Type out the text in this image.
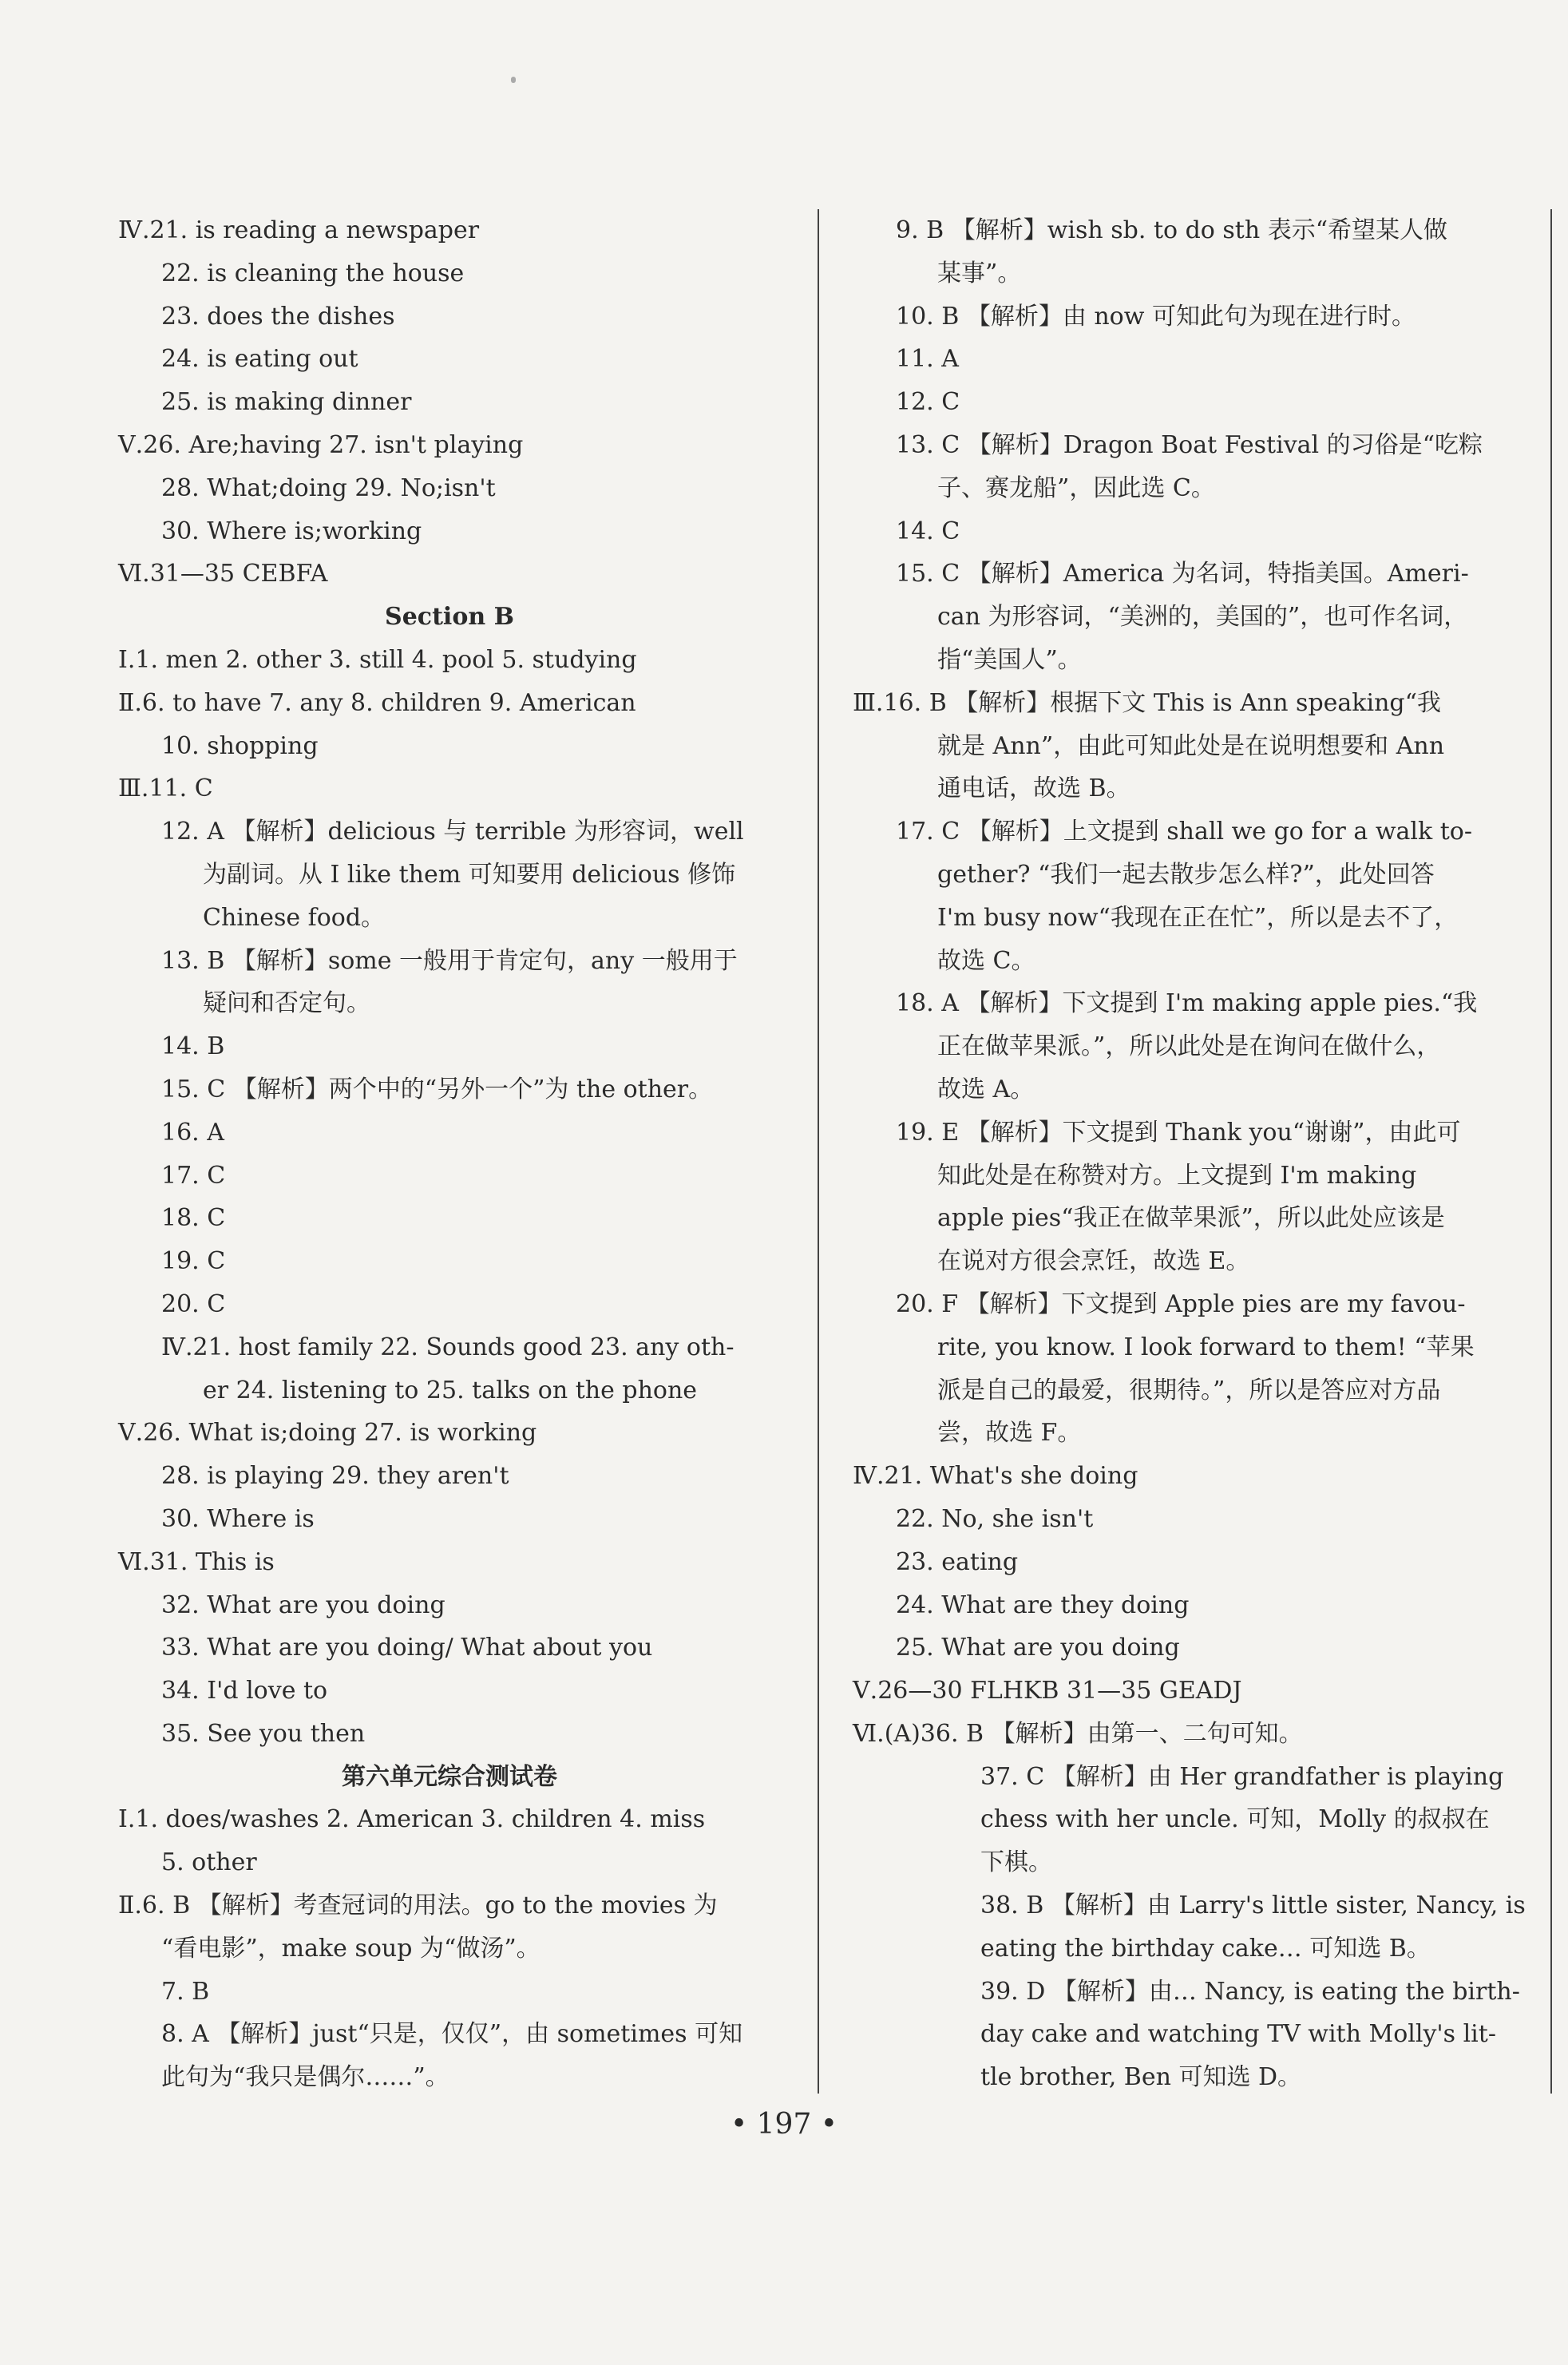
Ⅳ.21. is reading a newspaper
22. is cleaning the house
23. does the dishes
24. is eating out
25. is making dinner
Ⅴ.26. Are;having 27. isn't playing
28. What;doing 29. No;isn't
30. Where is;working
Ⅵ.31—35 CEBFA
Section B
Ⅰ.1. men 2. other 3. still 4. pool 5. studying
Ⅱ.6. to have 7. any 8. children 9. American
10. shopping
Ⅲ.11. C
12. A 【解析】delicious 与 terrible 为形容词，well
为副词。从 I like them 可知要用 delicious 修饰
Chinese food。
13. B 【解析】some 一般用于肯定句，any 一般用于
疑问和否定句。
14. B
15. C 【解析】两个中的“另外一个”为 the other。
16. A
17. C
18. C
19. C
20. C
Ⅳ.21. host family 22. Sounds good 23. any oth-
er 24. listening to 25. talks on the phone
Ⅴ.26. What is;doing 27. is working
28. is playing 29. they aren't
30. Where is
Ⅵ.31. This is
32. What are you doing
33. What are you doing/ What about you
34. I'd love to
35. See you then
第六单元综合测试卷
Ⅰ.1. does/washes 2. American 3. children 4. miss
5. other
Ⅱ.6. B 【解析】考查冠词的用法。go to the movies 为
“看电影”，make soup 为“做汤”。
7. B
8. A 【解析】just“只是，仅仅”，由 sometimes 可知
此句为“我只是偶尔……”。
9. B 【解析】wish sb. to do sth 表示“希望某人做
某事”。
10. B 【解析】由 now 可知此句为现在进行时。
11. A
12. C
13. C 【解析】Dragon Boat Festival 的习俗是“吃粽
子、赛龙船”，因此选 C。
14. C
15. C 【解析】America 为名词，特指美国。Ameri-
can 为形容词，“美洲的，美国的”，也可作名词，
指“美国人”。
Ⅲ.16. B 【解析】根据下文 This is Ann speaking“我
就是 Ann”，由此可知此处是在说明想要和 Ann
通电话，故选 B。
17. C 【解析】上文提到 shall we go for a walk to-
gether? “我们一起去散步怎么样?”，此处回答
I'm busy now“我现在正在忙”，所以是去不了，
故选 C。
18. A 【解析】下文提到 I'm making apple pies.“我
正在做苹果派。”，所以此处是在询问在做什么，
故选 A。
19. E 【解析】下文提到 Thank you“谢谢”，由此可
知此处是在称赞对方。上文提到 I'm making
apple pies“我正在做苹果派”，所以此处应该是
在说对方很会烹饪，故选 E。
20. F 【解析】下文提到 Apple pies are my favou-
rite, you know. I look forward to them! “苹果
派是自己的最爱，很期待。”，所以是答应对方品
尝，故选 F。
Ⅳ.21. What's she doing
22. No, she isn't
23. eating
24. What are they doing
25. What are you doing
Ⅴ.26—30 FLHKB 31—35 GEADJ
Ⅵ.(A)36. B 【解析】由第一、二句可知。
37. C 【解析】由 Her grandfather is playing
chess with her uncle. 可知，Molly 的叔叔在
下棋。
38. B 【解析】由 Larry's little sister, Nancy, is
eating the birthday cake… 可知选 B。
39. D 【解析】由… Nancy, is eating the birth-
day cake and watching TV with Molly's lit-
tle brother, Ben 可知选 D。
• 197 •
